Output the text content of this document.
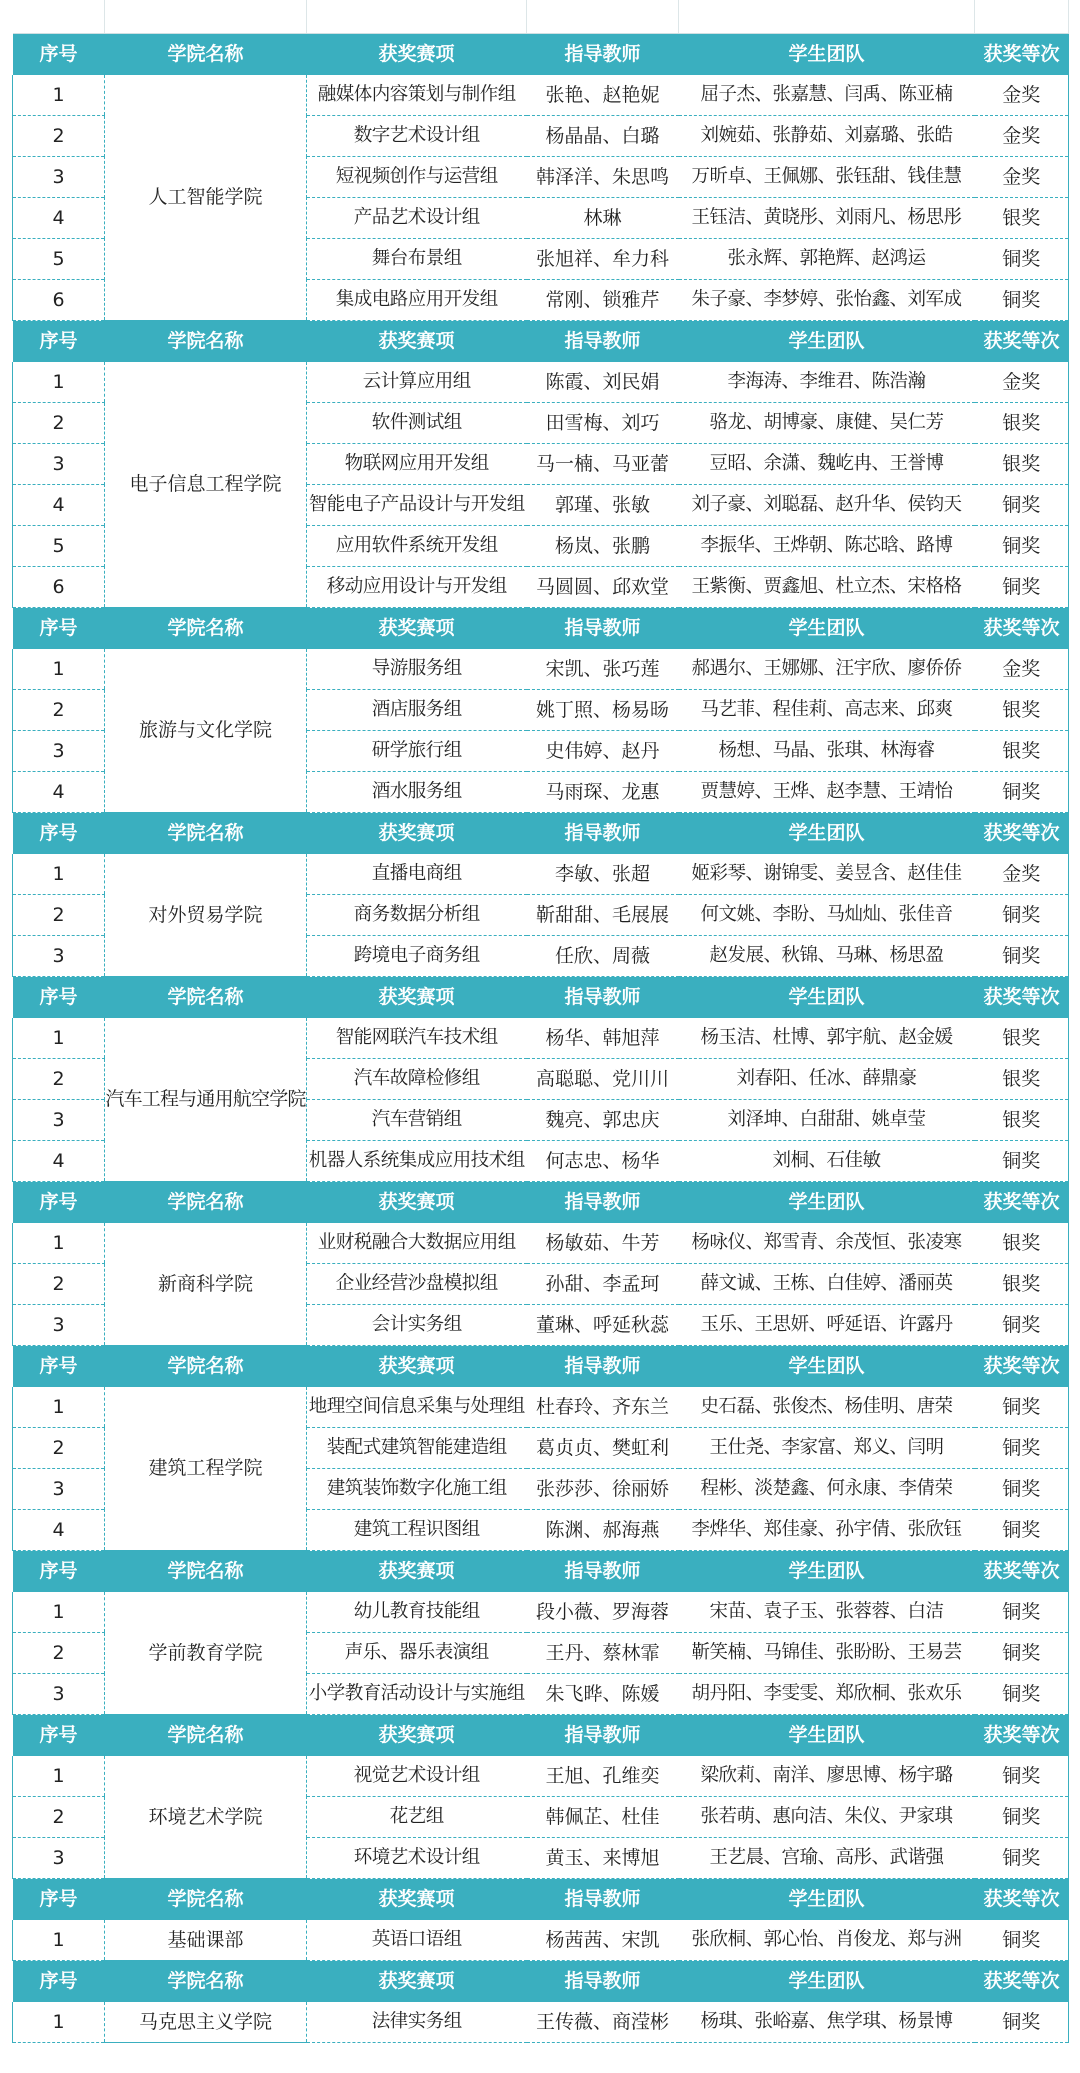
序号	学院名称	获奖赛项	指导教师	学生团队	获奖等次
1	人工智能学院	融媒体内容策划与制作组	张艳、赵艳妮	屈子杰、张嘉慧、闫禹、陈亚楠	金奖
2		数字艺术设计组	杨晶晶、白璐	刘婉茹、张静茹、刘嘉璐、张皓	金奖
3		短视频创作与运营组	韩泽洋、朱思鸣	万昕卓、王佩娜、张钰甜、钱佳慧	金奖
4		产品艺术设计组	林琳	王钰洁、黄晓彤、刘雨凡、杨思彤	银奖
5		舞台布景组	张旭祥、牟力科	张永辉、郭艳辉、赵鸿运	铜奖
6		集成电路应用开发组	常刚、锁雅芹	朱子豪、李梦婷、张怡鑫、刘军成	铜奖
序号	学院名称	获奖赛项	指导教师	学生团队	获奖等次
1	电子信息工程学院	云计算应用组	陈霞、刘民娟	李海涛、李维君、陈浩瀚	金奖
2		软件测试组	田雪梅、刘巧	骆龙、胡博豪、康健、吴仁芳	银奖
3		物联网应用开发组	马一楠、马亚蕾	豆昭、余潇、魏屹冉、王誉博	银奖
4		智能电子产品设计与开发组	郭瑾、张敏	刘子豪、刘聪磊、赵升华、侯钧天	铜奖
5		应用软件系统开发组	杨岚、张鹏	李振华、王烨朝、陈芯晗、路博	铜奖
6		移动应用设计与开发组	马圆圆、邱欢堂	王紫衡、贾鑫旭、杜立杰、宋格格	铜奖
序号	学院名称	获奖赛项	指导教师	学生团队	获奖等次
1	旅游与文化学院	导游服务组	宋凯、张巧莲	郝遇尔、王娜娜、汪宇欣、廖侨侨	金奖
2		酒店服务组	姚丁照、杨易旸	马艺菲、程佳莉、高志来、邱爽	银奖
3		研学旅行组	史伟婷、赵丹	杨想、马晶、张琪、林海睿	银奖
4		酒水服务组	马雨琛、龙惠	贾慧婷、王烨、赵李慧、王靖怡	铜奖
序号	学院名称	获奖赛项	指导教师	学生团队	获奖等次
1	对外贸易学院	直播电商组	李敏、张超	姬彩琴、谢锦雯、姜昱含、赵佳佳	金奖
2		商务数据分析组	靳甜甜、毛展展	何文姚、李盼、马灿灿、张佳音	铜奖
3		跨境电子商务组	任欣、周薇	赵发展、秋锦、马琳、杨思盈	铜奖
序号	学院名称	获奖赛项	指导教师	学生团队	获奖等次
1	汽车工程与通用航空学院	智能网联汽车技术组	杨华、韩旭萍	杨玉洁、杜博、郭宇航、赵金媛	银奖
2		汽车故障检修组	高聪聪、党川川	刘春阳、任冰、薛鼎豪	银奖
3		汽车营销组	魏亮、郭忠庆	刘泽坤、白甜甜、姚卓莹	银奖
4		机器人系统集成应用技术组	何志忠、杨华	刘桐、石佳敏	铜奖
序号	学院名称	获奖赛项	指导教师	学生团队	获奖等次
1	新商科学院	业财税融合大数据应用组	杨敏茹、牛芳	杨咏仪、郑雪青、余茂恒、张凌寒	银奖
2		企业经营沙盘模拟组	孙甜、李孟珂	薛文诚、王栋、白佳婷、潘丽英	银奖
3		会计实务组	董琳、呼延秋蕊	玉乐、王思妍、呼延语、许露丹	铜奖
序号	学院名称	获奖赛项	指导教师	学生团队	获奖等次
1	建筑工程学院	地理空间信息采集与处理组	杜春玲、齐东兰	史石磊、张俊杰、杨佳明、唐荣	铜奖
2		装配式建筑智能建造组	葛贞贞、樊虹利	王仕尧、李家富、郑义、闫明	铜奖
3		建筑装饰数字化施工组	张莎莎、徐丽娇	程彬、淡楚鑫、何永康、李倩荣	铜奖
4		建筑工程识图组	陈渊、郝海燕	李烨华、郑佳豪、孙宇倩、张欣钰	铜奖
序号	学院名称	获奖赛项	指导教师	学生团队	获奖等次
1	学前教育学院	幼儿教育技能组	段小薇、罗海蓉	宋苗、袁子玉、张蓉蓉、白洁	铜奖
2		声乐、器乐表演组	王丹、蔡林霏	靳笑楠、马锦佳、张盼盼、王易芸	铜奖
3		小学教育活动设计与实施组	朱飞晔、陈媛	胡丹阳、李雯雯、郑欣桐、张欢乐	铜奖
序号	学院名称	获奖赛项	指导教师	学生团队	获奖等次
1	环境艺术学院	视觉艺术设计组	王旭、孔维奕	梁欣莉、南洋、廖思博、杨宇璐	铜奖
2		花艺组	韩佩芷、杜佳	张若萌、惠向洁、朱仪、尹家琪	铜奖
3		环境艺术设计组	黄玉、来博旭	王艺晨、宫瑜、高彤、武谐强	铜奖
序号	学院名称	获奖赛项	指导教师	学生团队	获奖等次
1	基础课部	英语口语组	杨茜茜、宋凯	张欣桐、郭心怡、肖俊龙、郑与洲	铜奖
序号	学院名称	获奖赛项	指导教师	学生团队	获奖等次
1	马克思主义学院	法律实务组	王传薇、商滢彬	杨琪、张峪嘉、焦学琪、杨景博	铜奖
